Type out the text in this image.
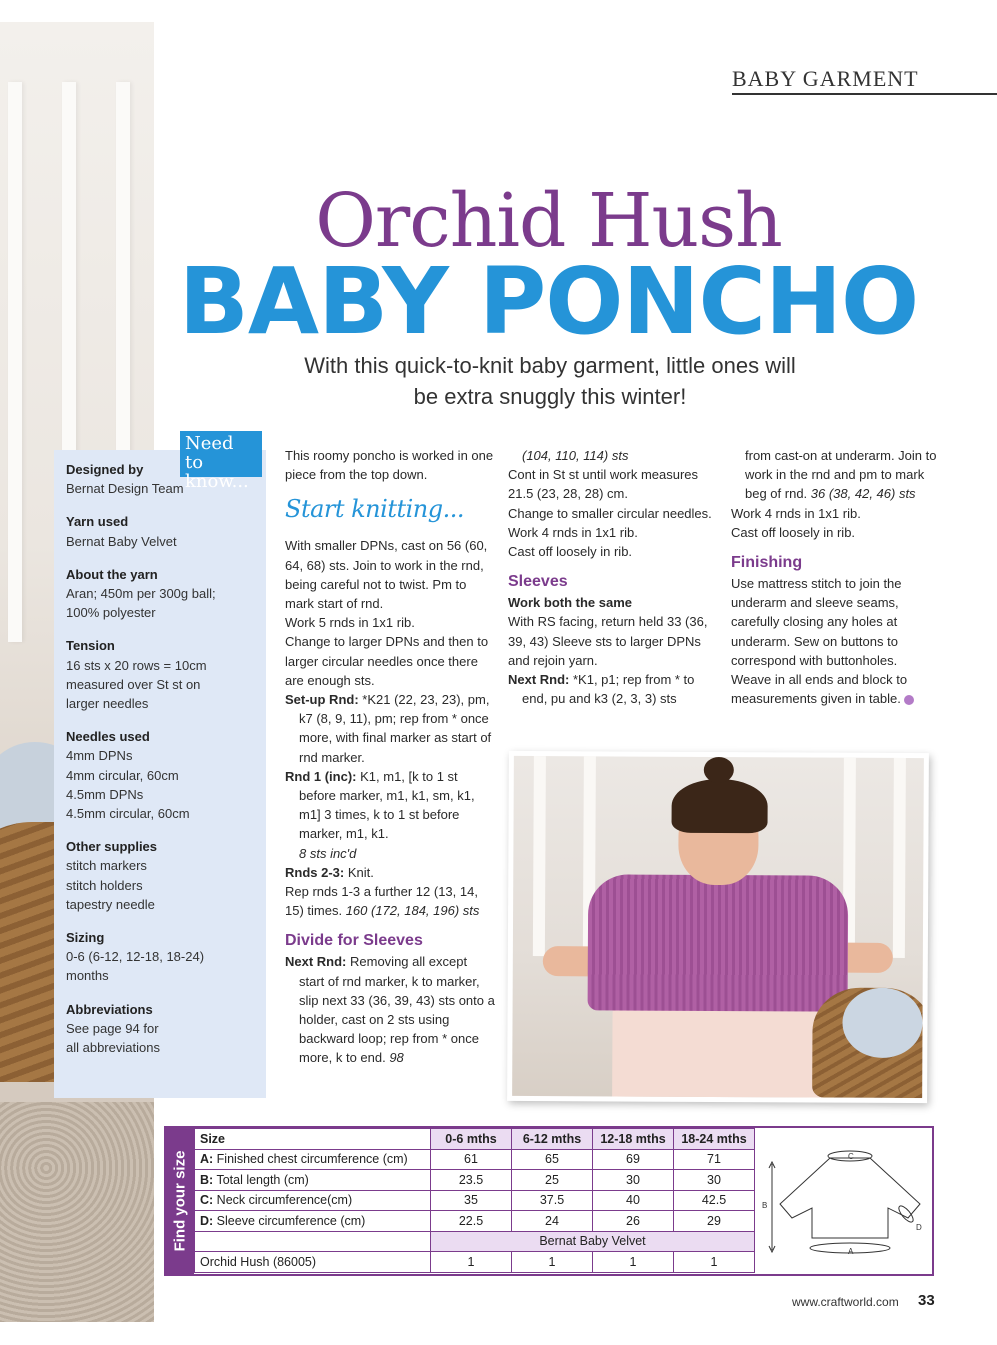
BABY GARMENT
Orchid Hush
BABY PONCHO
With this quick-to-knit baby garment, little ones will
be extra snuggly this winter!
Designed by
Bernat Design Team
Yarn used
Bernat Baby Velvet
About the yarn
Aran; 450m per 300g ball;
100% polyester
Tension
16 sts x 20 rows = 10cm
measured over St st on
larger needles
Needles used
4mm DPNs
4mm circular, 60cm
4.5mm DPNs
4.5mm circular, 60cm
Other supplies
stitch markers
stitch holders
tapestry needle
Sizing
0-6 (6-12, 12-18, 18-24)
months
Abbreviations
See page 94 for
all abbreviations
Need to
know...
This roomy poncho is worked in one piece from the top down.
Start knitting...
With smaller DPNs, cast on 56 (60, 64, 68) sts. Join to work in the rnd, being careful not to twist. Pm to mark start of rnd.
Work 5 rnds in 1x1 rib.
Change to larger DPNs and then to larger circular needles once there are enough sts.
Set-up Rnd: *K21 (22, 23, 23), pm, k7 (8, 9, 11), pm; rep from * once more, with final marker as start of rnd marker.
Rnd 1 (inc): K1, m1, [k to 1 st before marker, m1, k1, sm, k1, m1] 3 times, k to 1 st before marker, m1, k1.
8 sts inc'd
Rnds 2-3: Knit.
Rep rnds 1-3 a further 12 (13, 14, 15) times. 160 (172, 184, 196) sts
Divide for Sleeves
Next Rnd: Removing all except start of rnd marker, k to marker, slip next 33 (36, 39, 43) sts onto a holder, cast on 2 sts using backward loop; rep from * once more, k to end. 98
(104, 110, 114) sts
Cont in St st until work measures 21.5 (23, 28, 28) cm.
Change to smaller circular needles.
Work 4 rnds in 1x1 rib.
Cast off loosely in rib.
Sleeves
Work both the same
With RS facing, return held 33 (36, 39, 43) Sleeve sts to larger DPNs and rejoin yarn.
Next Rnd: *K1, p1; rep from * to end, pu and k3 (2, 3, 3) sts
from cast-on at underarm. Join to work in the rnd and pm to mark beg of rnd. 36 (38, 42, 46) sts
Work 4 rnds in 1x1 rib.
Cast off loosely in rib.
Finishing
Use mattress stitch to join the underarm and sleeve seams, carefully closing any holes at underarm. Sew on buttons to correspond with buttonholes. Weave in all ends and block to measurements given in table.
Find your size
Size	0-6 mths	6-12 mths	12-18 mths	18-24 mths
A: Finished chest circumference (cm)	61	65	69	71
B: Total length (cm)	23.5	25	30	30
C: Neck circumference(cm)	35	37.5	40	42.5
D: Sleeve circumference (cm)	22.5	24	26	29
	Bernat Baby Velvet			
Orchid Hush (86005)	1	1	1	1
C
B
A
D
www.craftworld.com 33
